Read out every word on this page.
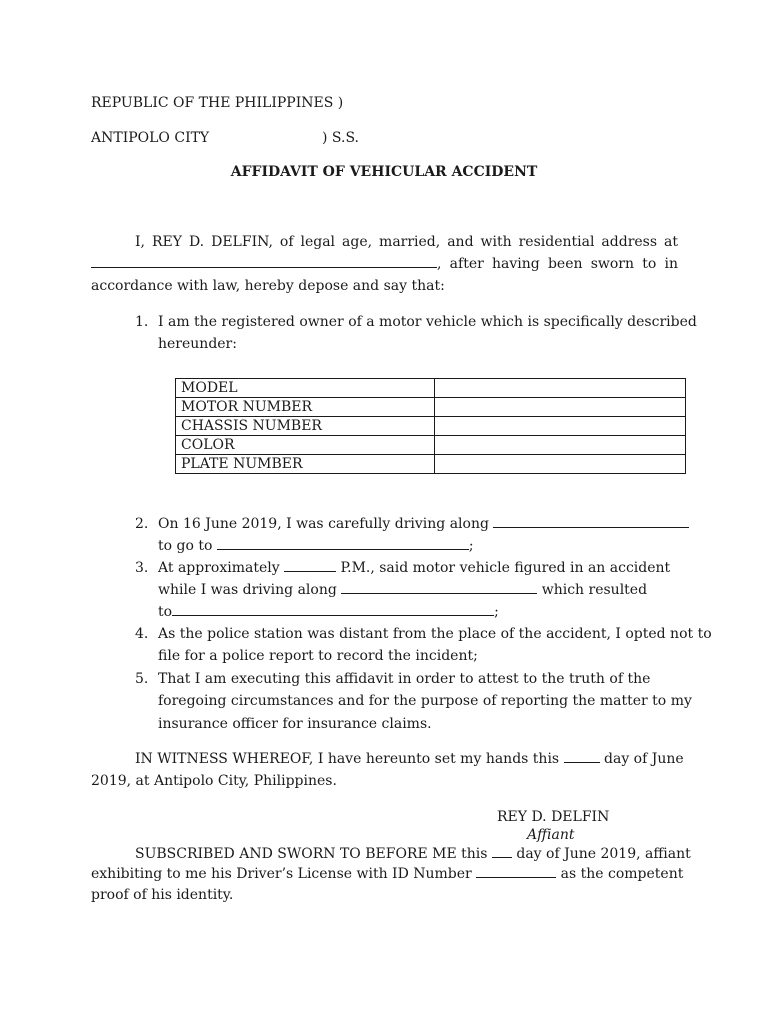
REPUBLIC OF THE PHILIPPINES )
ANTIPOLO CITY	) S.S.
AFFIDAVIT OF VEHICULAR ACCIDENT
I, REY D. DELFIN, of legal age, married, and with residential address at
, after having been sworn to in
accordance with law, hereby depose and say that:
1. I am the registered owner of a motor vehicle which is specifically described
hereunder:
MODEL	
MOTOR NUMBER	
CHASSIS NUMBER	
COLOR	
PLATE NUMBER	
2. On 16 June 2019, I was carefully driving along
to go to	;
3. At approximately	P.M., said motor vehicle figured in an accident
while I was driving along	which resulted
to	;
4. As the police station was distant from the place of the accident, I opted not to
file for a police report to record the incident;
5. That I am executing this affidavit in order to attest to the truth of the
foregoing circumstances and for the purpose of reporting the matter to my
insurance officer for insurance claims.
IN WITNESS WHEREOF, I have hereunto set my hands this	day of June
2019, at Antipolo City, Philippines.
REY D. DELFIN
Affiant
SUBSCRIBED AND SWORN TO BEFORE ME this day of June 2019, affiant
exhibiting to me his Driver’s License with ID Number	as the competent
proof of his identity.
